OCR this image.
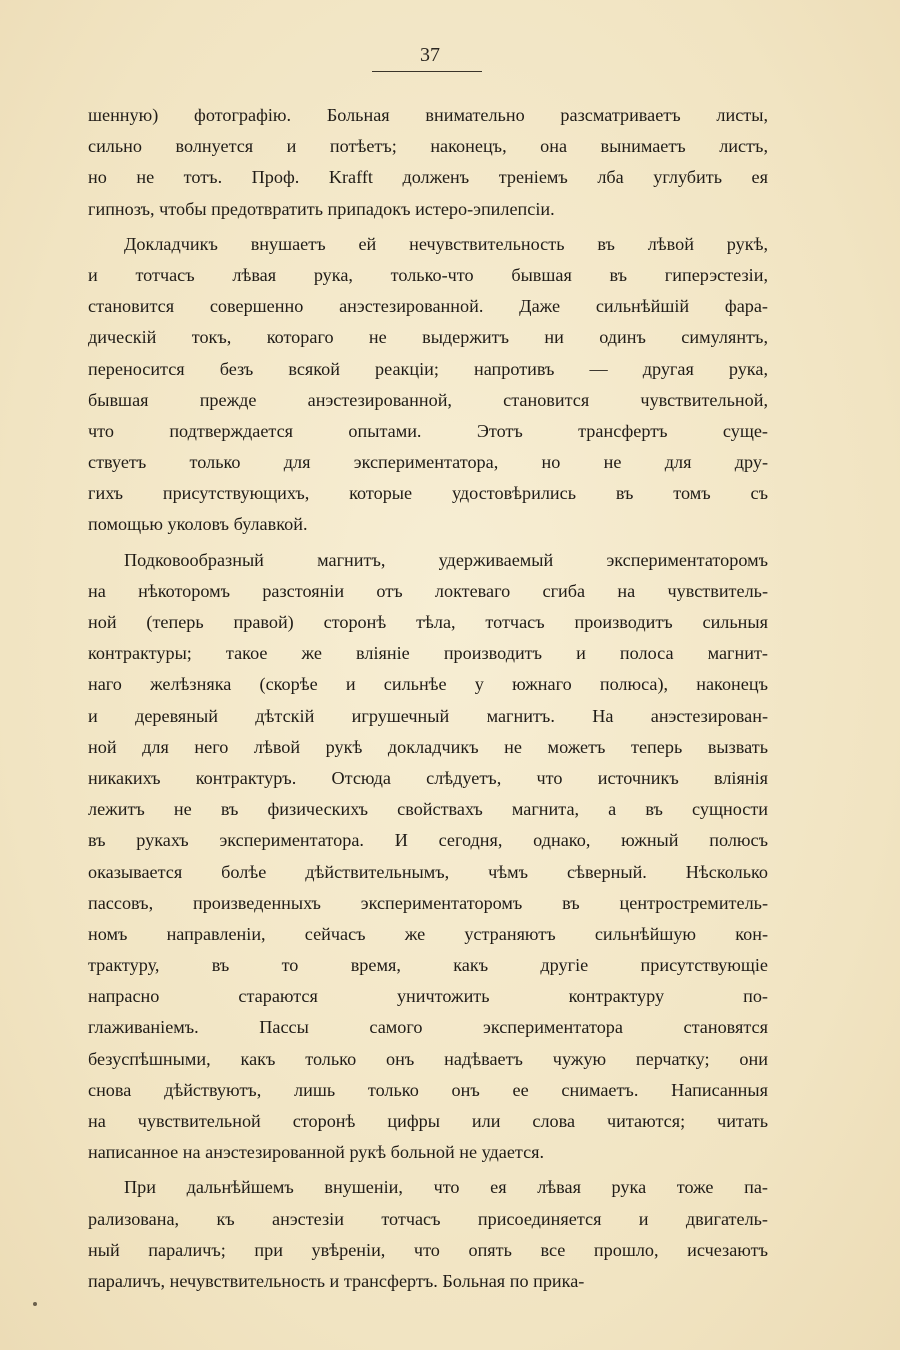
37
шенную) фотографію. Больная внимательно разсматриваетъ листы,
сильно волнуется и потѣетъ; наконецъ, она вынимаетъ листъ,
но не тотъ. Проф. Krafft долженъ треніемъ лба углубить ея
гипнозъ, чтобы предотвратить припадокъ истеро-эпилепсіи.
Докладчикъ внушаетъ ей нечувствительность въ лѣвой рукѣ,
и тотчасъ лѣвая рука, только-что бывшая въ гиперэстезіи,
становится совершенно анэстезированной. Даже сильнѣйшій фара-
дическій токъ, котораго не выдержитъ ни одинъ симулянтъ,
переносится безъ всякой реакціи; напротивъ — другая рука,
бывшая прежде анэстезированной, становится чувствительной,
что подтверждается опытами. Этотъ трансфертъ суще-
ствуетъ только для экспериментатора, но не для дру-
гихъ присутствующихъ, которые удостовѣрились въ томъ съ
помощью уколовъ булавкой.
Подковообразный магнитъ, удерживаемый экспериментаторомъ
на нѣкоторомъ разстояніи отъ локтеваго сгиба на чувствитель-
ной (теперь правой) сторонѣ тѣла, тотчасъ производитъ сильныя
контрактуры; такое же вліяніе производитъ и полоса магнит-
наго желѣзняка (скорѣе и сильнѣе у южнаго полюса), наконецъ
и деревяный дѣтскій игрушечный магнитъ. На анэстезирован-
ной для него лѣвой рукѣ докладчикъ не можетъ теперь вызвать
никакихъ контрактуръ. Отсюда слѣдуетъ, что источникъ вліянія
лежитъ не въ физическихъ свойствахъ магнита, а въ сущности
въ рукахъ экспериментатора. И сегодня, однако, южный полюсъ
оказывается болѣе дѣйствительнымъ, чѣмъ сѣверный. Нѣсколько
пассовъ, произведенныхъ экспериментаторомъ въ центростремитель-
номъ направленіи, сейчасъ же устраняютъ сильнѣйшую кон-
трактуру, въ то время, какъ другіе присутствующіе
напрасно стараются уничтожить контрактуру по-
глаживаніемъ. Пассы самого экспериментатора становятся
безуспѣшными, какъ только онъ надѣваетъ чужую перчатку; они
снова дѣйствуютъ, лишь только онъ ее снимаетъ. Написанныя
на чувствительной сторонѣ цифры или слова читаются; читать
написанное на анэстезированной рукѣ больной не удается.
При дальнѣйшемъ внушеніи, что ея лѣвая рука тоже па-
рализована, къ анэстезіи тотчасъ присоединяется и двигатель-
ный параличъ; при увѣреніи, что опять все прошло, исчезаютъ
параличъ, нечувствительность и трансфертъ. Больная по прика-
